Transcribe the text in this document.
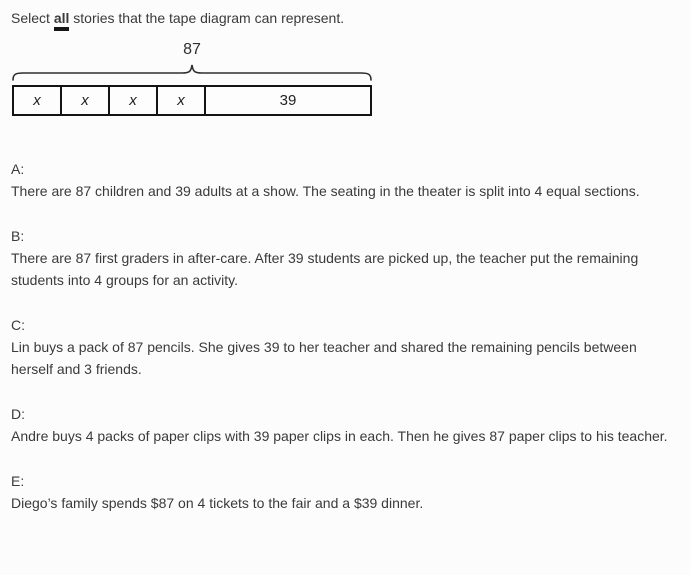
Select all stories that the tape diagram can represent.

87
x	x	x	x	39
A:

There are 87 children and 39 adults at a show. The seating in the theater is split into 4 equal sections.

B:

There are 87 first graders in after-care. After 39 students are picked up, the teacher put the remaining students into 4 groups for an activity.

C:

Lin buys a pack of 87 pencils. She gives 39 to her teacher and shared the remaining pencils between herself and 3 friends.

D:

Andre buys 4 packs of paper clips with 39 paper clips in each. Then he gives 87 paper clips to his teacher.

E:

Diego’s family spends $87 on 4 tickets to the fair and a $39 dinner.
